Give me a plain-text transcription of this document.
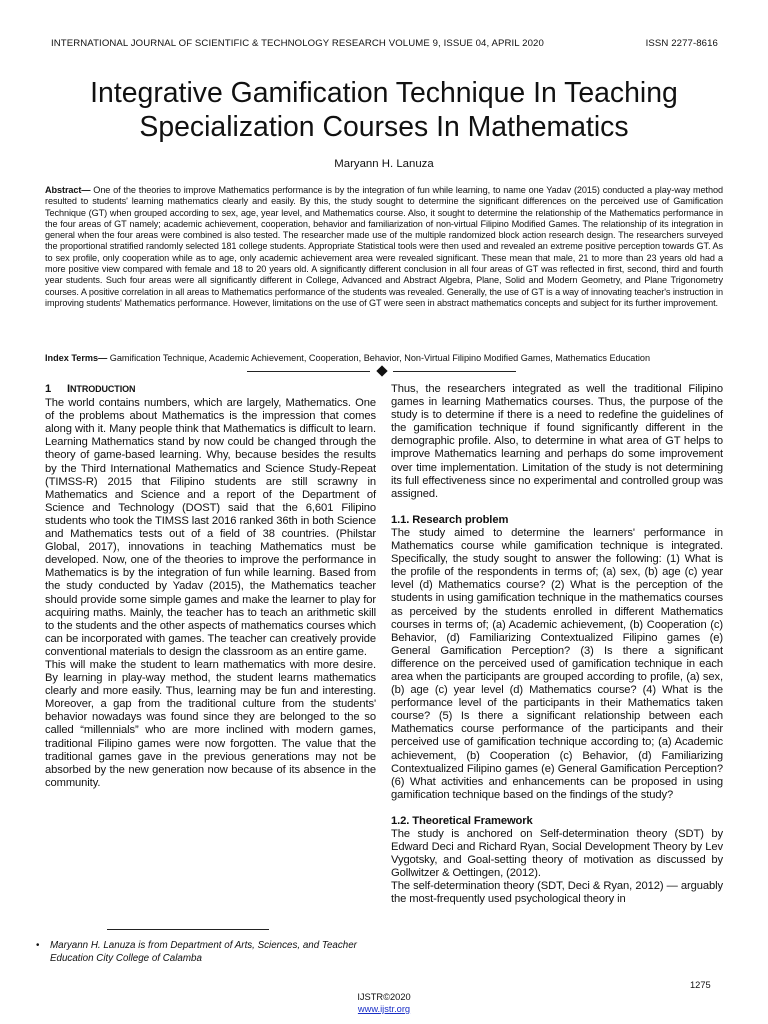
INTERNATIONAL JOURNAL OF SCIENTIFIC & TECHNOLOGY RESEARCH VOLUME 9, ISSUE 04, APRIL 2020	ISSN 2277-8616
Integrative Gamification Technique In Teaching
Specialization Courses In Mathematics
Maryann H. Lanuza
Abstract— One of the theories to improve Mathematics performance is by the integration of fun while learning, to name one Yadav (2015) conducted a play-way method resulted to students' learning mathematics clearly and easily. By this, the study sought to determine the significant differences on the perceived use of Gamification Technique (GT) when grouped according to sex, age, year level, and Mathematics course. Also, it sought to determine the relationship of the Mathematics performance in the four areas of GT namely; academic achievement, cooperation, behavior and familiarization of non-virtual Filipino Modified Games. The relationship of its integration in general when the four areas were combined is also tested. The researcher made use of the multiple randomized block action research design. The researchers surveyed the proportional stratified randomly selected 181 college students. Appropriate Statistical tools were then used and revealed an extreme positive perception towards GT. As to sex profile, only cooperation while as to age, only academic achievement area were revealed significant. These mean that male, 21 to more than 23 years old had a more positive view compared with female and 18 to 20 years old. A significantly different conclusion in all four areas of GT was reflected in first, second, third and fourth year students. Such four areas were all significantly different in College, Advanced and Abstract Algebra, Plane, Solid and Modern Geometry, and Plane Trigonometry courses. A positive correlation in all areas to Mathematics performance of the students was revealed. Generally, the use of GT is a way of innovating teacher's instruction in improving students' Mathematics performance. However, limitations on the use of GT were seen in abstract mathematics concepts and subject for its further improvement.
Index Terms— Gamification Technique, Academic Achievement, Cooperation, Behavior, Non-Virtual Filipino Modified Games, Mathematics Education
1 INTRODUCTION

The world contains numbers, which are largely, Mathematics. One of the problems about Mathematics is the impression that comes along with it. Many people think that Mathematics is difficult to learn. Learning Mathematics stand by now could be changed through the theory of game-based learning. Why, because besides the results by the Third International Mathematics and Science Study-Repeat (TIMSS-R) 2015 that Filipino students are still scrawny in Mathematics and Science and a report of the Department of Science and Technology (DOST) said that the 6,601 Filipino students who took the TIMSS last 2016 ranked 36th in both Science and Mathematics tests out of a field of 38 countries. (Philstar Global, 2017), innovations in teaching Mathematics must be developed. Now, one of the theories to improve the performance in Mathematics is by the integration of fun while learning. Based from the study conducted by Yadav (2015), the Mathematics teacher should provide some simple games and make the learner to play for acquiring maths. Mainly, the teacher has to teach an arithmetic skill to the students and the other aspects of mathematics courses which can be incorporated with games. The teacher can creatively provide conventional materials to design the classroom as an entire game.

This will make the student to learn mathematics with more desire. By learning in play-way method, the student learns mathematics clearly and more easily. Thus, learning may be fun and interesting. Moreover, a gap from the traditional culture from the students' behavior nowadays was found since they are belonged to the so called “millennials” who are more inclined with modern games, traditional Filipino games were now forgotten. The value that the traditional games gave in the previous generations may not be absorbed by the new generation now because of its absence in the community.

Thus, the researchers integrated as well the traditional Filipino games in learning Mathematics courses. Thus, the purpose of the study is to determine if there is a need to redefine the guidelines of the gamification technique if found significantly different in the demographic profile. Also, to determine in what area of GT helps to improve Mathematics learning and perhaps do some improvement over time implementation. Limitation of the study is not determining its full effectiveness since no experimental and controlled group was assigned.

1.1. Research problem

The study aimed to determine the learners' performance in Mathematics course while gamification technique is integrated. Specifically, the study sought to answer the following: (1) What is the profile of the respondents in terms of; (a) sex, (b) age (c) year level (d) Mathematics course? (2) What is the perception of the students in using gamification technique in the mathematics courses as perceived by the students enrolled in different Mathematics courses in terms of; (a) Academic achievement, (b) Cooperation (c) Behavior, (d) Familiarizing Contextualized Filipino games (e) General Gamification Perception? (3) Is there a significant difference on the perceived used of gamification technique in each area when the participants are grouped according to profile, (a) sex, (b) age (c) year level (d) Mathematics course? (4) What is the performance level of the participants in their Mathematics taken course? (5) Is there a significant relationship between each Mathematics course performance of the participants and their perceived use of gamification technique according to; (a) Academic achievement, (b) Cooperation (c) Behavior, (d) Familiarizing Contextualized Filipino games (e) General Gamification Perception? (6) What activities and enhancements can be proposed in using gamification technique based on the findings of the study?

1.2. Theoretical Framework

The study is anchored on Self-determination theory (SDT) by Edward Deci and Richard Ryan, Social Development Theory by Lev Vygotsky, and Goal-setting theory of motivation as discussed by Gollwitzer & Oettingen, (2012).

The self-determination theory (SDT, Deci & Ryan, 2012) — arguably the most-frequently used psychological theory in

•	Maryann H. Lanuza is from Department of Arts, Sciences, and Teacher Education City College of Calamba
1275
IJSTR©2020
www.ijstr.org
